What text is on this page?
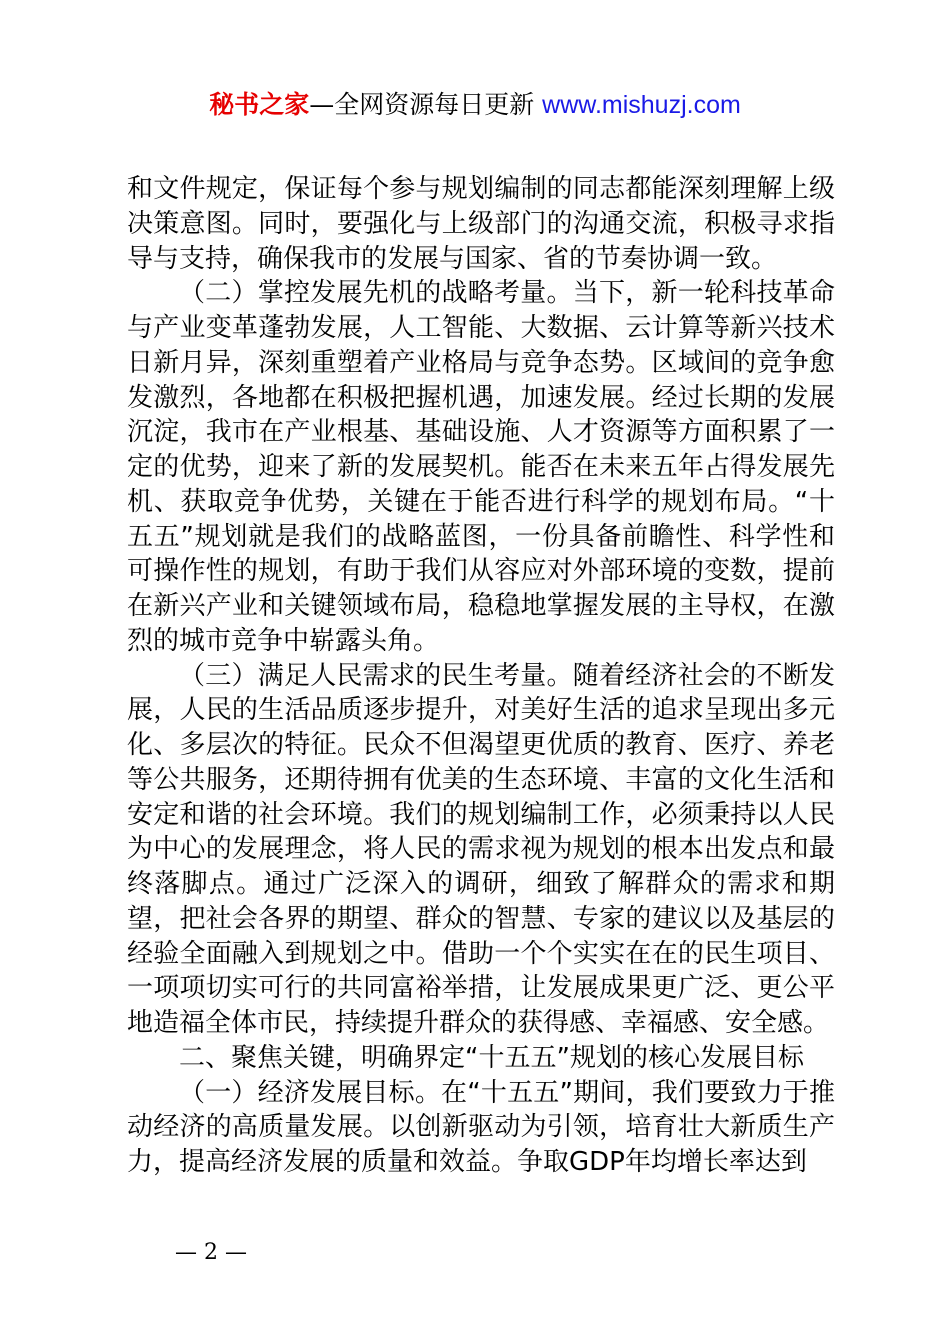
秘书之家—全网资源每日更新 www.mishuzj.com

和文件规定，保证每个参与规划编制的同志都能深刻理解上级决策意图。同时，要强化与上级部门的沟通交流，积极寻求指导与支持，确保我市的发展与国家、省的节奏协调一致。

（二）掌控发展先机的战略考量。当下，新一轮科技革命与产业变革蓬勃发展，人工智能、大数据、云计算等新兴技术日新月异，深刻重塑着产业格局与竞争态势。区域间的竞争愈发激烈，各地都在积极把握机遇，加速发展。经过长期的发展沉淀，我市在产业根基、基础设施、人才资源等方面积累了一定的优势，迎来了新的发展契机。能否在未来五年占得发展先机、获取竞争优势，关键在于能否进行科学的规划布局。“十五五”规划就是我们的战略蓝图，一份具备前瞻性、科学性和可操作性的规划，有助于我们从容应对外部环境的变数，提前在新兴产业和关键领域布局，稳稳地掌握发展的主导权，在激烈的城市竞争中崭露头角。

（三）满足人民需求的民生考量。随着经济社会的不断发展，人民的生活品质逐步提升，对美好生活的追求呈现出多元化、多层次的特征。民众不但渴望更优质的教育、医疗、养老等公共服务，还期待拥有优美的生态环境、丰富的文化生活和安定和谐的社会环境。我们的规划编制工作，必须秉持以人民为中心的发展理念，将人民的需求视为规划的根本出发点和最终落脚点。通过广泛深入的调研，细致了解群众的需求和期望，把社会各界的期望、群众的智慧、专家的建议以及基层的经验全面融入到规划之中。借助一个个实实在在的民生项目、一项项切实可行的共同富裕举措，让发展成果更广泛、更公平地造福全体市民，持续提升群众的获得感、幸福感、安全感。

二、聚焦关键，明确界定“十五五”规划的核心发展目标

（一）经济发展目标。在“十五五”期间，我们要致力于推动经济的高质量发展。以创新驱动为引领，培育壮大新质生产力，提高经济发展的质量和效益。争取GDP年均增长率达到

— 2 —
